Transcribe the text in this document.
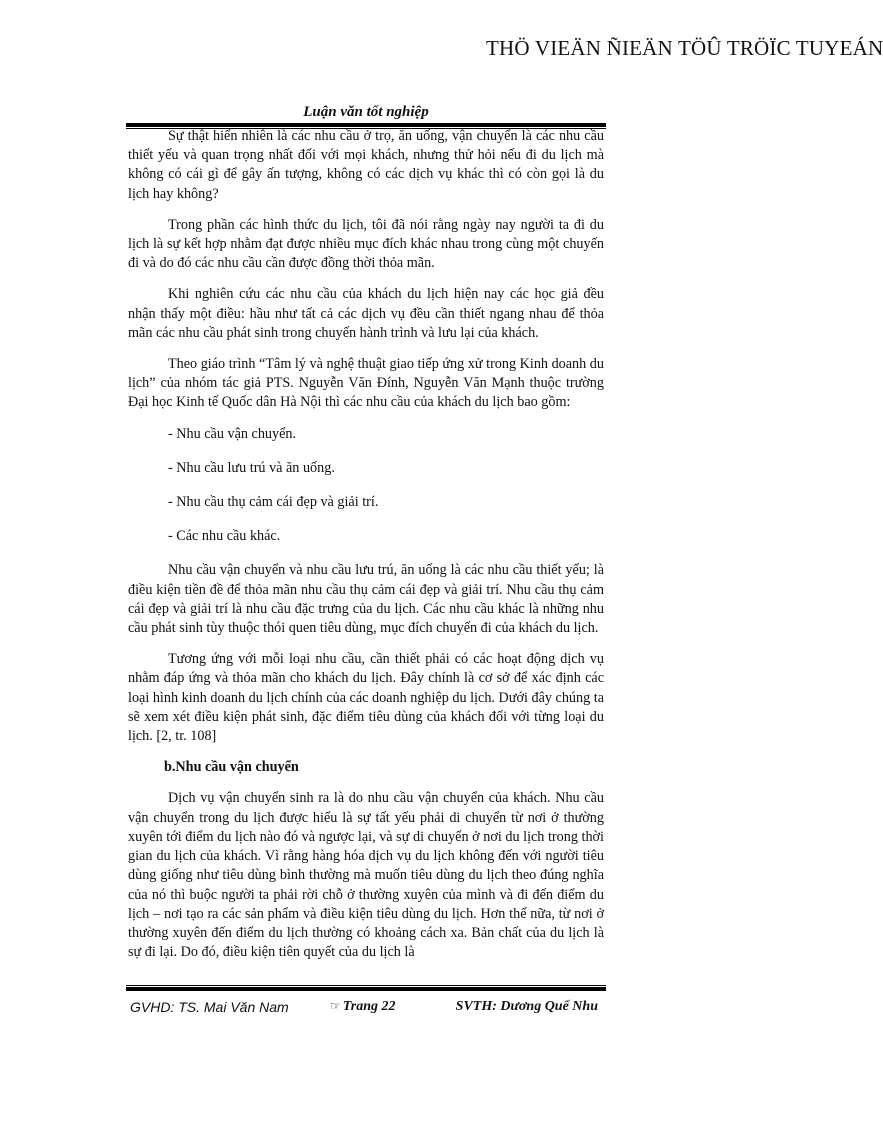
THÖ VIEÄN ÑIEÄN TÖÛ TRÖÏC TUYEÁN
Luận văn tốt nghiệp

Sự thật hiển nhiên là các nhu cầu ở trọ, ăn uống, vận chuyển là các nhu cầu thiết yếu và quan trọng nhất đối với mọi khách, nhưng thử hỏi nếu đi du lịch mà không có cái gì để gây ấn tượng, không có các dịch vụ khác thì có còn gọi là du lịch hay không?

Trong phần các hình thức du lịch, tôi đã nói rằng ngày nay người ta đi du lịch là sự kết hợp nhằm đạt được nhiều mục đích khác nhau trong cùng một chuyến đi và do đó các nhu cầu cần được đồng thời thỏa mãn.

Khi nghiên cứu các nhu cầu của khách du lịch hiện nay các học giả đều nhận thấy một điều: hầu như tất cả các dịch vụ đều cần thiết ngang nhau để thỏa mãn các nhu cầu phát sinh trong chuyến hành trình và lưu lại của khách.

Theo giáo trình “Tâm lý và nghệ thuật giao tiếp ứng xử trong Kinh doanh du lịch” của nhóm tác giả PTS. Nguyễn Văn Đính, Nguyễn Văn Mạnh thuộc trường Đại học Kinh tế Quốc dân Hà Nội thì các nhu cầu của khách du lịch bao gồm:

- Nhu cầu vận chuyển.

- Nhu cầu lưu trú và ăn uống.

- Nhu cầu thụ cảm cái đẹp và giải trí.

- Các nhu cầu khác.

Nhu cầu vận chuyển và nhu cầu lưu trú, ăn uống là các nhu cầu thiết yếu; là điều kiện tiền đề để thỏa mãn nhu cầu thụ cảm cái đẹp và giải trí. Nhu cầu thụ cảm cái đẹp và giải trí là nhu cầu đặc trưng của du lịch. Các nhu cầu khác là những nhu cầu phát sinh tùy thuộc thói quen tiêu dùng, mục đích chuyến đi của khách du lịch.

Tương ứng với mỗi loại nhu cầu, cần thiết phải có các hoạt động dịch vụ nhằm đáp ứng và thỏa mãn cho khách du lịch. Đây chính là cơ sở để xác định các loại hình kinh doanh du lịch chính của các doanh nghiệp du lịch. Dưới đây chúng ta sẽ xem xét điều kiện phát sinh, đặc điểm tiêu dùng của khách đối với từng loại du lịch. [2, tr. 108]

b.Nhu cầu vận chuyển

Dịch vụ vận chuyển sinh ra là do nhu cầu vận chuyển của khách. Nhu cầu vận chuyển trong du lịch được hiểu là sự tất yếu phải di chuyển từ nơi ở thường xuyên tới điểm du lịch nào đó và ngược lại, và sự di chuyển ở nơi du lịch trong thời gian du lịch của khách. Vì rằng hàng hóa dịch vụ du lịch không đến với người tiêu dùng giống như tiêu dùng bình thường mà muốn tiêu dùng du lịch theo đúng nghĩa của nó thì buộc người ta phải rời chỗ ở thường xuyên của mình và đi đến điểm du lịch – nơi tạo ra các sản phẩm và điều kiện tiêu dùng du lịch. Hơn thế nữa, từ nơi ở thường xuyên đến điểm du lịch thường có khoảng cách xa. Bản chất của du lịch là sự đi lại. Do đó, điều kiện tiên quyết của du lịch là

GVHD: TS. Mai Văn Nam	☞ Trang 22	SVTH: Dương Quế Nhu
